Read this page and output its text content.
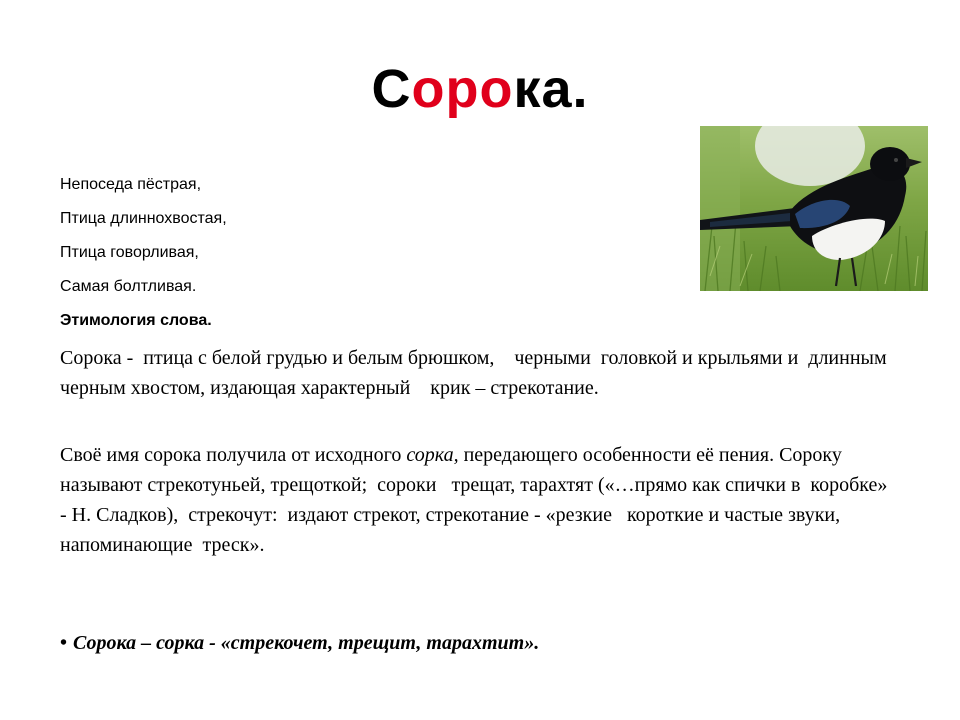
Сорока.

Непоседа пёстрая,

Птица длиннохвостая,

Птица говорливая,

Самая болтливая.

Этимология слова.

Сорока -  птица с белой грудью и белым брюшком,    черными  головкой и крыльями и  длинным черным хвостом, издающая характерный    крик – стрекотание.

Своё имя сорока получила от исходного сорка, передающего особенности её пения. Сороку называют стрекотуньей, трещоткой;  сороки   трещат, тарахтят («…прямо как спички в  коробке» - Н. Сладков),  стрекочут:  издают стрекот, стрекотание - «резкие   короткие и частые звуки, напоминающие  треск».

• Сорока – сорка - «стрекочет, трещит, тарахтит».
